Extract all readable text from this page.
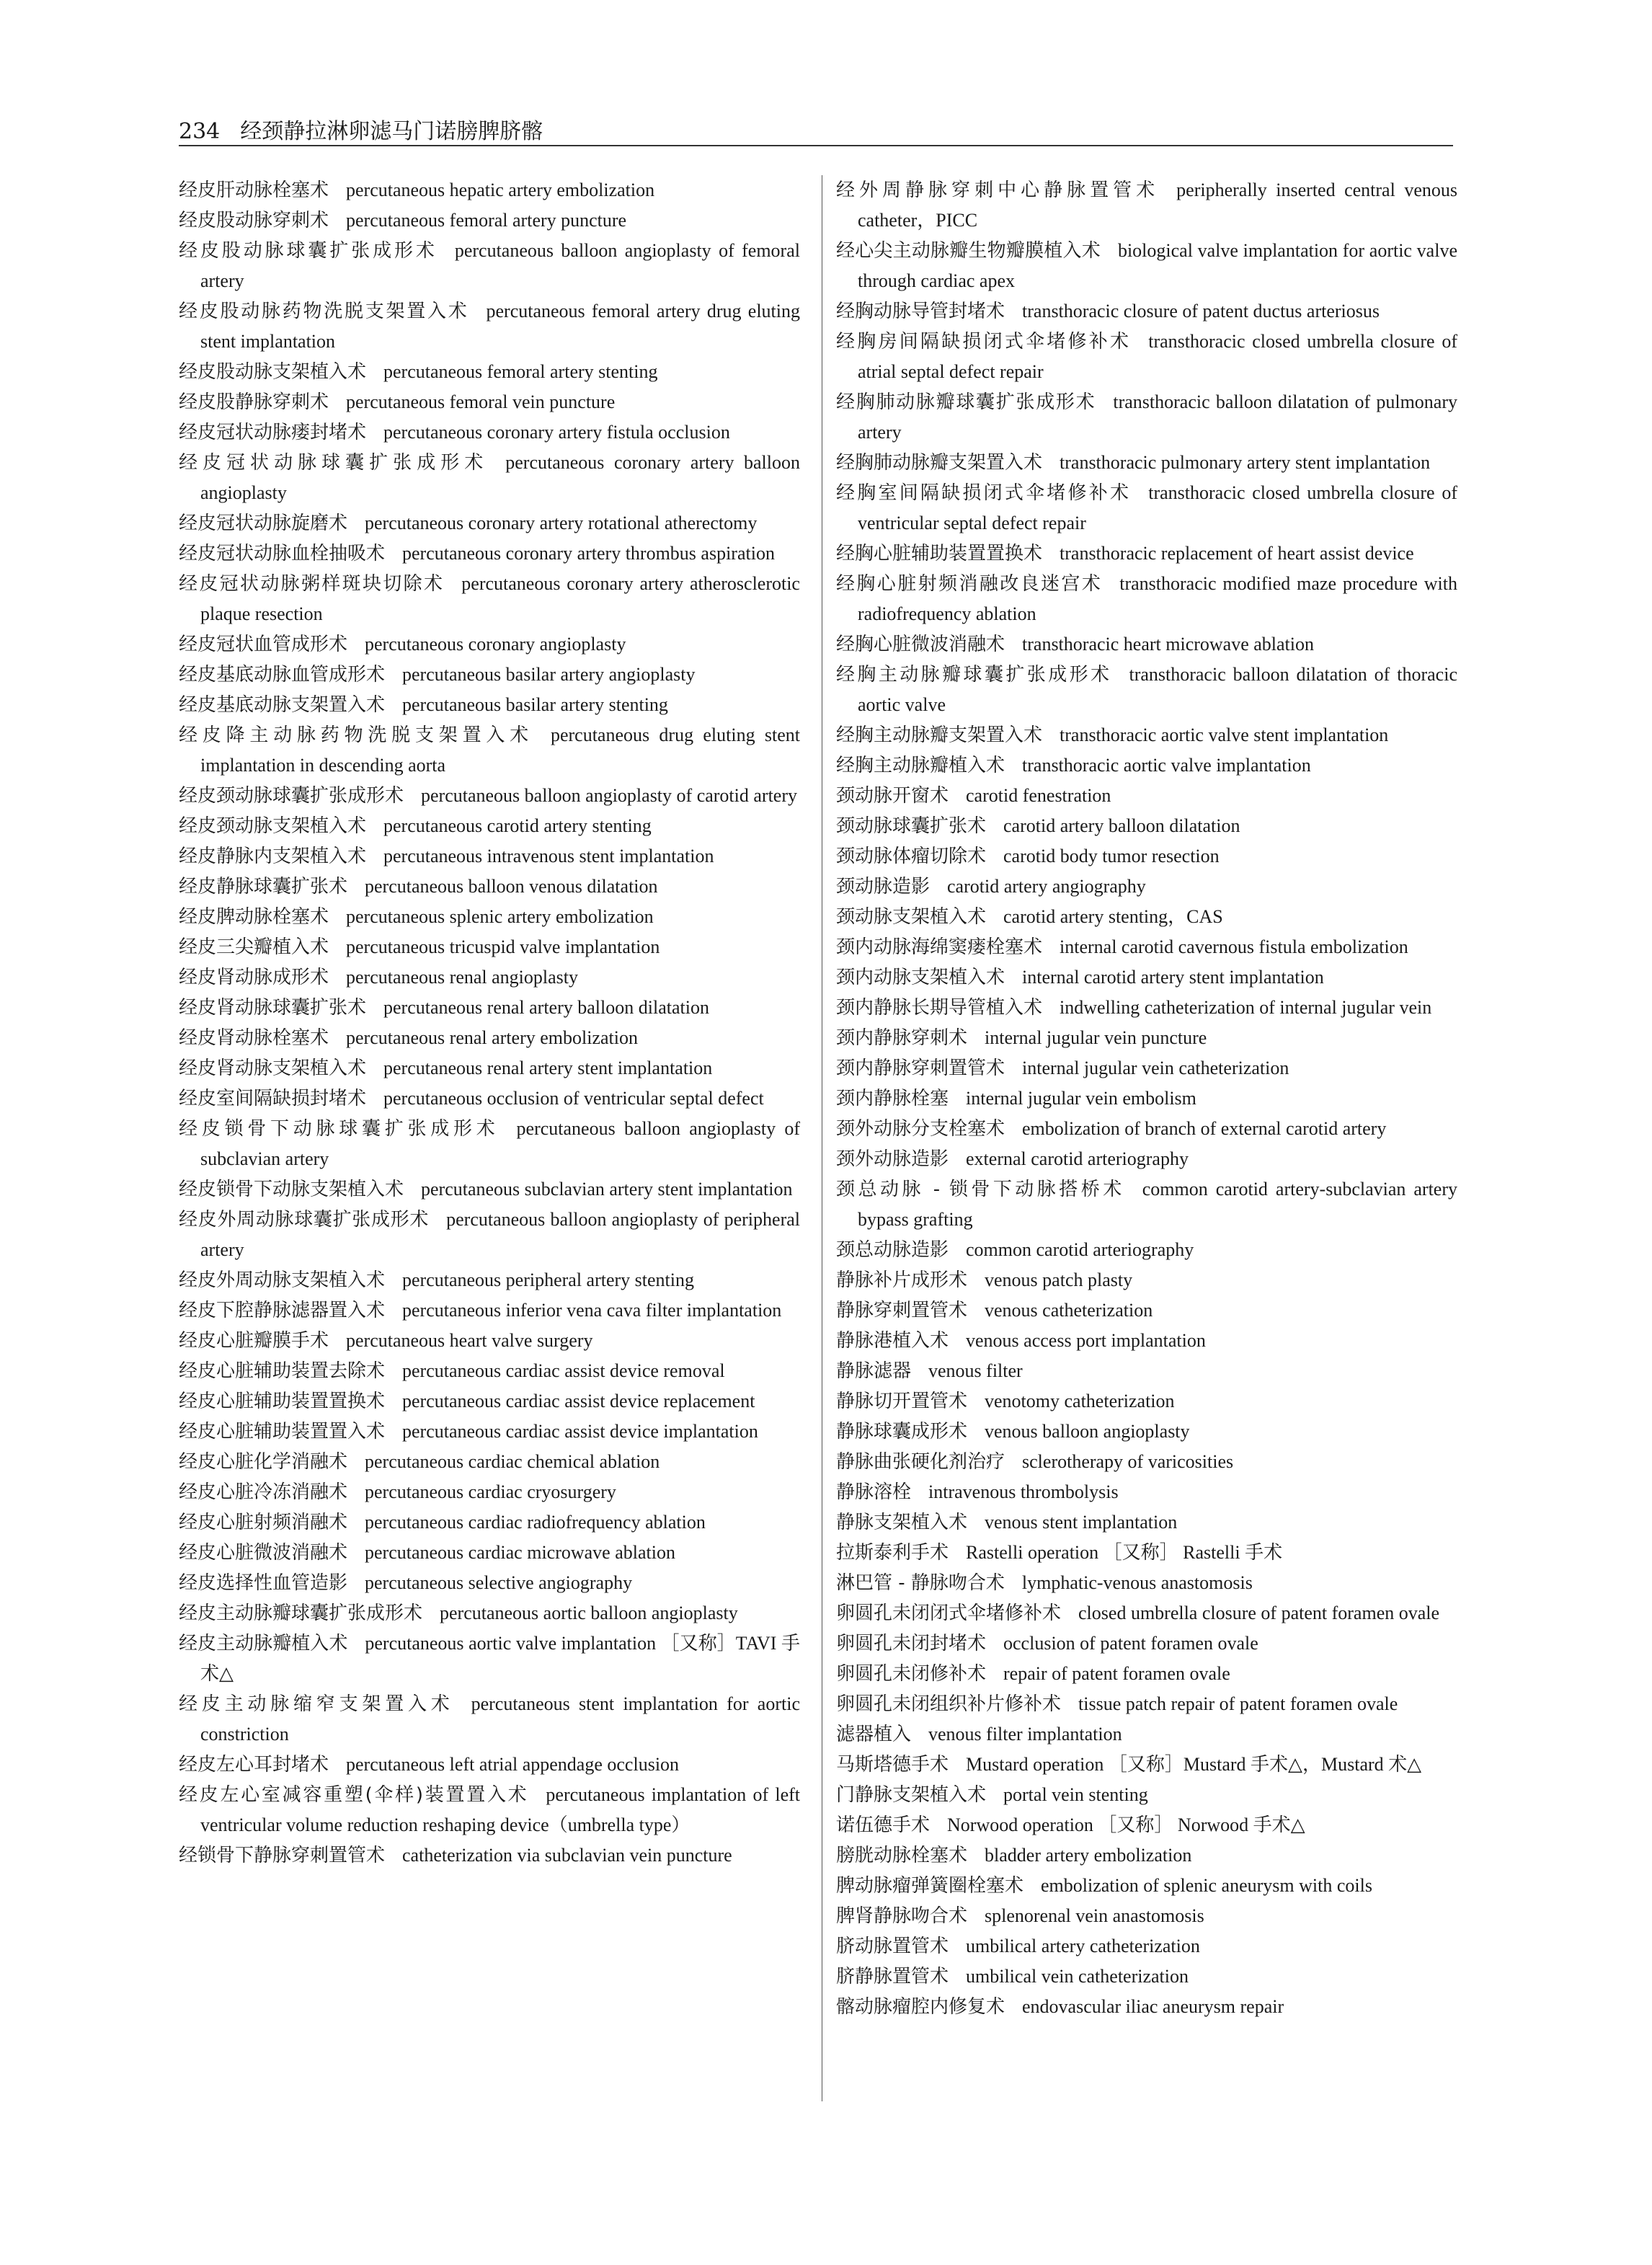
234 经颈静拉淋卵滤马门诺膀脾脐髂
经皮肝动脉栓塞术 percutaneous hepatic artery embolization
经皮股动脉穿刺术 percutaneous femoral artery puncture
经皮股动脉球囊扩张成形术 percutaneous balloon angioplasty of femoral artery
经皮股动脉药物洗脱支架置入术 percutaneous femoral artery drug eluting stent implantation
经皮股动脉支架植入术 percutaneous femoral artery stenting
经皮股静脉穿刺术 percutaneous femoral vein puncture
经皮冠状动脉瘘封堵术 percutaneous coronary artery fistula occlusion
经皮冠状动脉球囊扩张成形术 percutaneous coronary artery balloon angioplasty
经皮冠状动脉旋磨术 percutaneous coronary artery rotational atherectomy
经皮冠状动脉血栓抽吸术 percutaneous coronary artery thrombus aspiration
经皮冠状动脉粥样斑块切除术 percutaneous coronary artery atherosclerotic plaque resection
经皮冠状血管成形术 percutaneous coronary angioplasty
经皮基底动脉血管成形术 percutaneous basilar artery angioplasty
经皮基底动脉支架置入术 percutaneous basilar artery stenting
经皮降主动脉药物洗脱支架置入术 percutaneous drug eluting stent implantation in descending aorta
经皮颈动脉球囊扩张成形术 percutaneous balloon angioplasty of carotid artery
经皮颈动脉支架植入术 percutaneous carotid artery stenting
经皮静脉内支架植入术 percutaneous intravenous stent implantation
经皮静脉球囊扩张术 percutaneous balloon venous dilatation
经皮脾动脉栓塞术 percutaneous splenic artery embolization
经皮三尖瓣植入术 percutaneous tricuspid valve implantation
经皮肾动脉成形术 percutaneous renal angioplasty
经皮肾动脉球囊扩张术 percutaneous renal artery balloon dilatation
经皮肾动脉栓塞术 percutaneous renal artery embolization
经皮肾动脉支架植入术 percutaneous renal artery stent implantation
经皮室间隔缺损封堵术 percutaneous occlusion of ventricular septal defect
经皮锁骨下动脉球囊扩张成形术 percutaneous balloon angioplasty of subclavian artery
经皮锁骨下动脉支架植入术 percutaneous subclavian artery stent implantation
经皮外周动脉球囊扩张成形术 percutaneous balloon angioplasty of peripheral artery
经皮外周动脉支架植入术 percutaneous peripheral artery stenting
经皮下腔静脉滤器置入术 percutaneous inferior vena cava filter implantation
经皮心脏瓣膜手术 percutaneous heart valve surgery
经皮心脏辅助装置去除术 percutaneous cardiac assist device removal
经皮心脏辅助装置置换术 percutaneous cardiac assist device replacement
经皮心脏辅助装置置入术 percutaneous cardiac assist device implantation
经皮心脏化学消融术 percutaneous cardiac chemical ablation
经皮心脏冷冻消融术 percutaneous cardiac cryosurgery
经皮心脏射频消融术 percutaneous cardiac radiofrequency ablation
经皮心脏微波消融术 percutaneous cardiac microwave ablation
经皮选择性血管造影 percutaneous selective angiography
经皮主动脉瓣球囊扩张成形术 percutaneous aortic balloon angioplasty
经皮主动脉瓣植入术 percutaneous aortic valve implantation ［又称］TAVI 手术△
经皮主动脉缩窄支架置入术 percutaneous stent implantation for aortic constriction
经皮左心耳封堵术 percutaneous left atrial appendage occlusion
经皮左心室减容重塑(伞样)装置置入术 percutaneous implantation of left ventricular volume reduction reshaping device（umbrella type）
经锁骨下静脉穿刺置管术 catheterization via subclavian vein puncture
经外周静脉穿刺中心静脉置管术 peripherally inserted central venous catheter，PICC
经心尖主动脉瓣生物瓣膜植入术 biological valve implantation for aortic valve through cardiac apex
经胸动脉导管封堵术 transthoracic closure of patent ductus arteriosus
经胸房间隔缺损闭式伞堵修补术 transthoracic closed umbrella closure of atrial septal defect repair
经胸肺动脉瓣球囊扩张成形术 transthoracic balloon dilatation of pulmonary artery
经胸肺动脉瓣支架置入术 transthoracic pulmonary artery stent implantation
经胸室间隔缺损闭式伞堵修补术 transthoracic closed umbrella closure of ventricular septal defect repair
经胸心脏辅助装置置换术 transthoracic replacement of heart assist device
经胸心脏射频消融改良迷宫术 transthoracic modified maze procedure with radiofrequency ablation
经胸心脏微波消融术 transthoracic heart microwave ablation
经胸主动脉瓣球囊扩张成形术 transthoracic balloon dilatation of thoracic aortic valve
经胸主动脉瓣支架置入术 transthoracic aortic valve stent implantation
经胸主动脉瓣植入术 transthoracic aortic valve implantation
颈动脉开窗术 carotid fenestration
颈动脉球囊扩张术 carotid artery balloon dilatation
颈动脉体瘤切除术 carotid body tumor resection
颈动脉造影 carotid artery angiography
颈动脉支架植入术 carotid artery stenting，CAS
颈内动脉海绵窦瘘栓塞术 internal carotid cavernous fistula embolization
颈内动脉支架植入术 internal carotid artery stent implantation
颈内静脉长期导管植入术 indwelling catheterization of internal jugular vein
颈内静脉穿刺术 internal jugular vein puncture
颈内静脉穿刺置管术 internal jugular vein catheterization
颈内静脉栓塞 internal jugular vein embolism
颈外动脉分支栓塞术 embolization of branch of external carotid artery
颈外动脉造影 external carotid arteriography
颈总动脉 - 锁骨下动脉搭桥术 common carotid artery-subclavian artery bypass grafting
颈总动脉造影 common carotid arteriography
静脉补片成形术 venous patch plasty
静脉穿刺置管术 venous catheterization
静脉港植入术 venous access port implantation
静脉滤器 venous filter
静脉切开置管术 venotomy catheterization
静脉球囊成形术 venous balloon angioplasty
静脉曲张硬化剂治疗 sclerotherapy of varicosities
静脉溶栓 intravenous thrombolysis
静脉支架植入术 venous stent implantation
拉斯泰利手术 Rastelli operation ［又称］ Rastelli 手术
淋巴管 - 静脉吻合术 lymphatic-venous anastomosis
卵圆孔未闭闭式伞堵修补术 closed umbrella closure of patent foramen ovale
卵圆孔未闭封堵术 occlusion of patent foramen ovale
卵圆孔未闭修补术 repair of patent foramen ovale
卵圆孔未闭组织补片修补术 tissue patch repair of patent foramen ovale
滤器植入 venous filter implantation
马斯塔德手术 Mustard operation ［又称］Mustard 手术△，Mustard 术△
门静脉支架植入术 portal vein stenting
诺伍德手术 Norwood operation ［又称］ Norwood 手术△
膀胱动脉栓塞术 bladder artery embolization
脾动脉瘤弹簧圈栓塞术 embolization of splenic aneurysm with coils
脾肾静脉吻合术 splenorenal vein anastomosis
脐动脉置管术 umbilical artery catheterization
脐静脉置管术 umbilical vein catheterization
髂动脉瘤腔内修复术 endovascular iliac aneurysm repair
